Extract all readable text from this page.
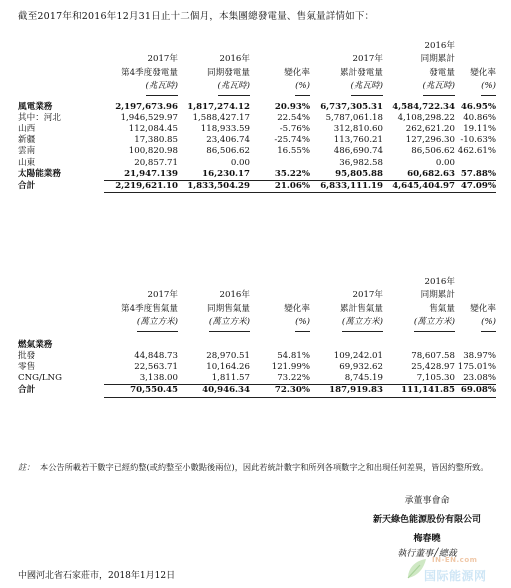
截至2017年和2016年12月31日止十二個月，本集團總發電量、售氣量詳情如下：
					2016年	
	2017年	2016年		2017年	同期累計	
	第4季度發電量	同期發電量	變化率	累計發電量	發電量	變化率
	(兆瓦時)	(兆瓦時)	(%)	(兆瓦時)	(兆瓦時)	(%)

風電業務	2,197,673.96	1,817,274.12	20.93%	6,737,305.31	4,584,722.34	46.95%
其中：河北	1,946,529.97	1,588,427.17	22.54%	5,787,061.18	4,108,298.22	40.86%
山西	112,084.45	118,933.59	-5.76%	312,810.60	262,621.20	19.11%
新疆	17,380.85	23,406.74	-25.74%	113,760.21	127,296.30	-10.63%
雲南	100,820.98	86,506.62	16.55%	486,690.74	86,506.62	462.61%
山東	20,857.71	0.00		36,982.58	0.00	
太陽能業務	21,947.139	16,230.17	35.22%	95,805.88	60,682.63	57.88%
合計	2,219,621.10	1,833,504.29	21.06%	6,833,111.19	4,645,404.97	47.09%
					2016年	
	2017年	2016年		2017年	同期累計	
	第4季度售氣量	同期售氣量	變化率	累計售氣量	售氣量	變化率
	(萬立方米)	(萬立方米)	(%)	(萬立方米)	(萬立方米)	(%)

燃氣業務						
批發	44,848.73	28,970.51	54.81%	109,242.01	78,607.58	38.97%
零售	22,563.71	10,164.26	121.99%	69,932.62	25,428.97	175.01%
CNG/LNG	3,138.00	1,811.57	73.22%	8,745.19	7,105.30	23.08%
合計	70,550.45	40,946.34	72.30%	187,919.83	111,141.85	69.08%
註： 本公告所載若干數字已經約整(或約整至小數點後兩位)，因此若統計數字和所列各項數字之和出現任何差異，皆因約整所致。
承董事會命
新天綠色能源股份有限公司
梅春曉
執行董事╱總裁
中國河北省石家莊市，2018年1月12日
IN-EN.com
国际能源网
